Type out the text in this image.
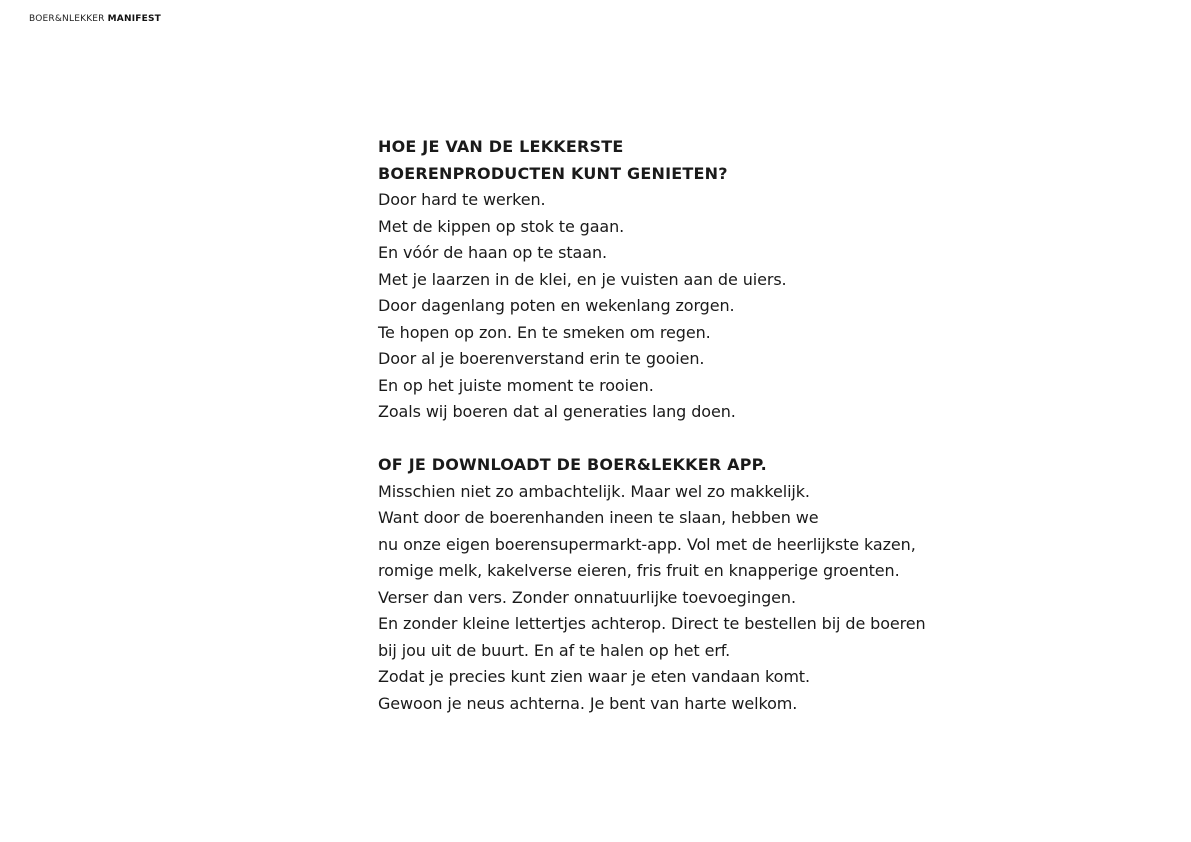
BOER&NLEKKER MANIFEST
HOE JE VAN DE LEKKERSTE
BOERENPRODUCTEN KUNT GENIETEN?
Door hard te werken.
Met de kippen op stok te gaan.
En vóór de haan op te staan.
Met je laarzen in de klei, en je vuisten aan de uiers.
Door dagenlang poten en wekenlang zorgen.
Te hopen op zon. En te smeken om regen.
Door al je boerenverstand erin te gooien.
En op het juiste moment te rooien.
Zoals wij boeren dat al generaties lang doen.
OF JE DOWNLOADT DE BOER&LEKKER APP.
Misschien niet zo ambachtelijk. Maar wel zo makkelijk.
Want door de boerenhanden ineen te slaan, hebben we
nu onze eigen boerensupermarkt-app. Vol met de heerlijkste kazen,
romige melk, kakelverse eieren, fris fruit en knapperige groenten.
Verser dan vers. Zonder onnatuurlijke toevoegingen.
En zonder kleine lettertjes achterop. Direct te bestellen bij de boeren
bij jou uit de buurt. En af te halen op het erf.
Zodat je precies kunt zien waar je eten vandaan komt.
Gewoon je neus achterna. Je bent van harte welkom.
